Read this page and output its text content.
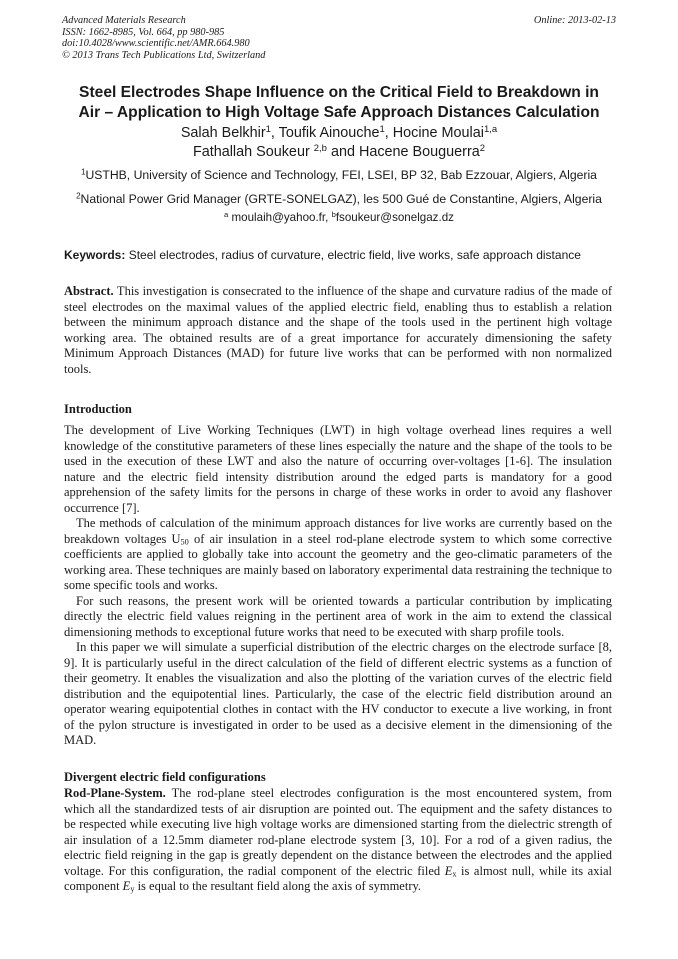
Advanced Materials Research
ISSN: 1662-8985, Vol. 664, pp 980-985
doi:10.4028/www.scientific.net/AMR.664.980
© 2013 Trans Tech Publications Ltd, Switzerland
Online: 2013-02-13
Steel Electrodes Shape Influence on the Critical Field to Breakdown in
Air – Application to High Voltage Safe Approach Distances Calculation
Salah Belkhir$^1$, Toufik Ainouche$^1$, Hocine Moulai$^{1,a}$
Fathallah Soukeur $^{2,b}$ and Hacene Bouguerra$^2$
$^1$USTHB, University of Science and Technology, FEI, LSEI, BP 32, Bab Ezzouar, Algiers, Algeria
$^2$National Power Grid Manager (GRTE-SONELGAZ), les 500 Gué de Constantine, Algiers, Algeria
$^a$ moulaih@yahoo.fr, $^b$fsoukeur@sonelgaz.dz
Keywords: Steel electrodes, radius of curvature, electric field, live works, safe approach distance

Abstract. This investigation is consecrated to the influence of the shape and curvature radius of the made of steel electrodes on the maximal values of the applied electric field, enabling thus to establish a relation between the minimum approach distance and the shape of the tools used in the pertinent high voltage working area. The obtained results are of a great importance for accurately dimensioning the safety Minimum Approach Distances (MAD) for future live works that can be performed with non normalized tools.

Introduction

The development of Live Working Techniques (LWT) in high voltage overhead lines requires a well knowledge of the constitutive parameters of these lines especially the nature and the shape of the tools to be used in the execution of these LWT and also the nature of occurring over-voltages [1-6]. The insulation nature and the electric field intensity distribution around the edged parts is mandatory for a good apprehension of the safety limits for the persons in charge of these works in order to avoid any flashover occurrence [7].

The methods of calculation of the minimum approach distances for live works are currently based on the breakdown voltages $U_{50}$ of air insulation in a steel rod-plane electrode system to which some corrective coefficients are applied to globally take into account the geometry and the geo-climatic parameters of the working area. These techniques are mainly based on laboratory experimental data restraining the technique to some specific tools and works.

For such reasons, the present work will be oriented towards a particular contribution by implicating directly the electric field values reigning in the pertinent area of work in the aim to extend the classical dimensioning methods to exceptional future works that need to be executed with sharp profile tools.

In this paper we will simulate a superficial distribution of the electric charges on the electrode surface [8, 9]. It is particularly useful in the direct calculation of the field of different electric systems as a function of their geometry. It enables the visualization and also the plotting of the variation curves of the electric field distribution and the equipotential lines. Particularly, the case of the electric field distribution around an operator wearing equipotential clothes in contact with the HV conductor to execute a live working, in front of the pylon structure is investigated in order to be used as a decisive element in the dimensioning of the MAD.

Divergent electric field configurations

Rod-Plane-System. The rod-plane steel electrodes configuration is the most encountered system, from which all the standardized tests of air disruption are pointed out. The equipment and the safety distances to be respected while executing live high voltage works are dimensioned starting from the dielectric strength of air insulation of a 12.5mm diameter rod-plane electrode system [3, 10]. For a rod of a given radius, the electric field reigning in the gap is greatly dependent on the distance between the electrodes and the applied voltage. For this configuration, the radial component of the electric filed $E_x$ is almost null, while its axial component $E_y$ is equal to the resultant field along the axis of symmetry.
